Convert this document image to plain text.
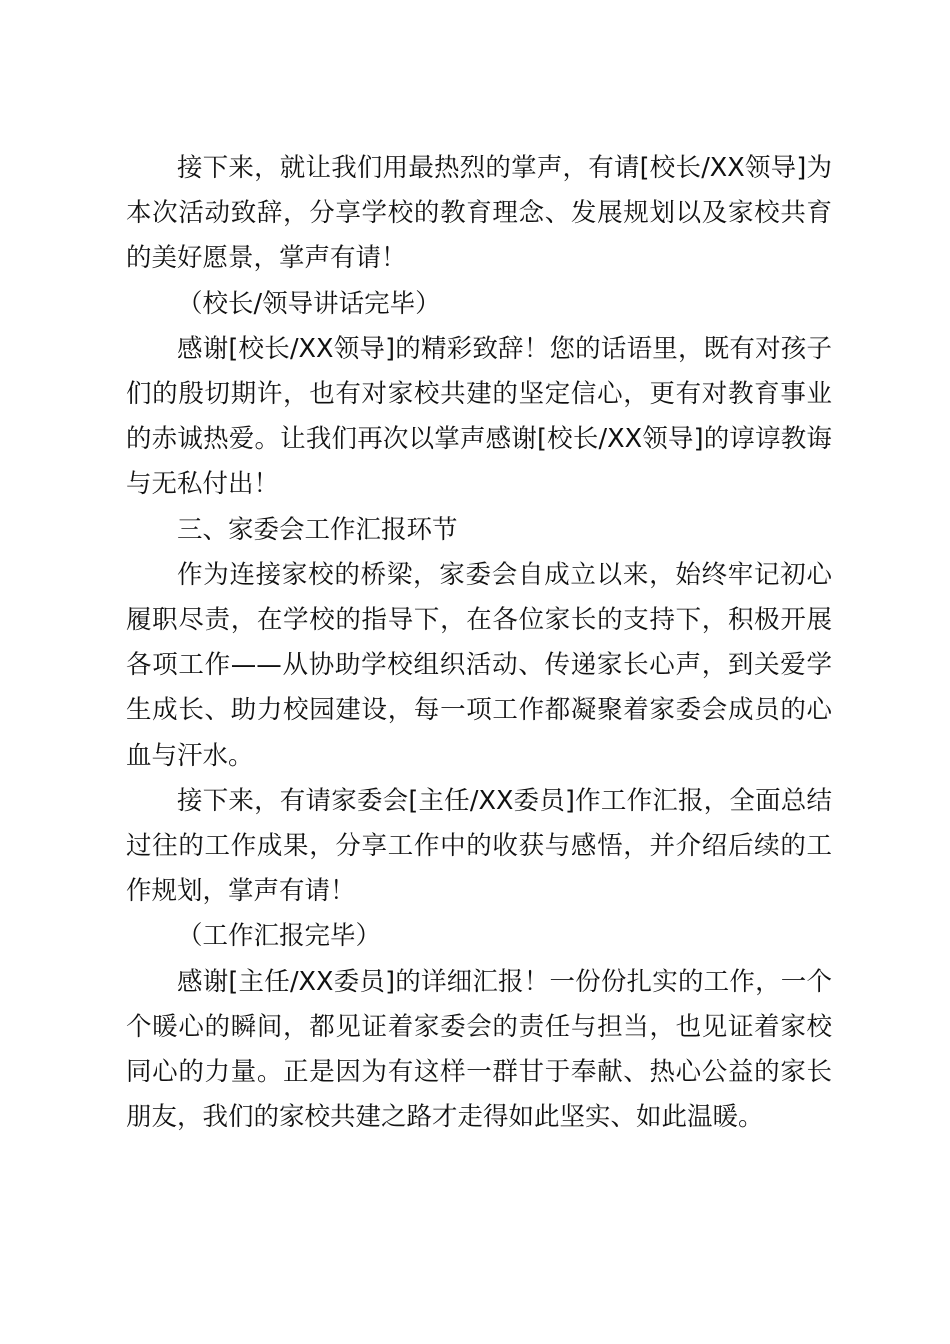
接下来，就让我们用最热烈的掌声，有请[校长/XX领导]为本次活动致辞，分享学校的教育理念、发展规划以及家校共育的美好愿景，掌声有请！

（校长/领导讲话完毕）

感谢[校长/XX领导]的精彩致辞！您的话语里，既有对孩子们的殷切期许，也有对家校共建的坚定信心，更有对教育事业的赤诚热爱。让我们再次以掌声感谢[校长/XX领导]的谆谆教诲与无私付出！

三、家委会工作汇报环节

作为连接家校的桥梁，家委会自成立以来，始终牢记初心履职尽责，在学校的指导下，在各位家长的支持下，积极开展各项工作——从协助学校组织活动、传递家长心声，到关爱学生成长、助力校园建设，每一项工作都凝聚着家委会成员的心血与汗水。

接下来，有请家委会[主任/XX委员]作工作汇报，全面总结过往的工作成果，分享工作中的收获与感悟，并介绍后续的工作规划，掌声有请！

（工作汇报完毕）

感谢[主任/XX委员]的详细汇报！一份份扎实的工作，一个个暖心的瞬间，都见证着家委会的责任与担当，也见证着家校同心的力量。正是因为有这样一群甘于奉献、热心公益的家长朋友，我们的家校共建之路才走得如此坚实、如此温暖。
